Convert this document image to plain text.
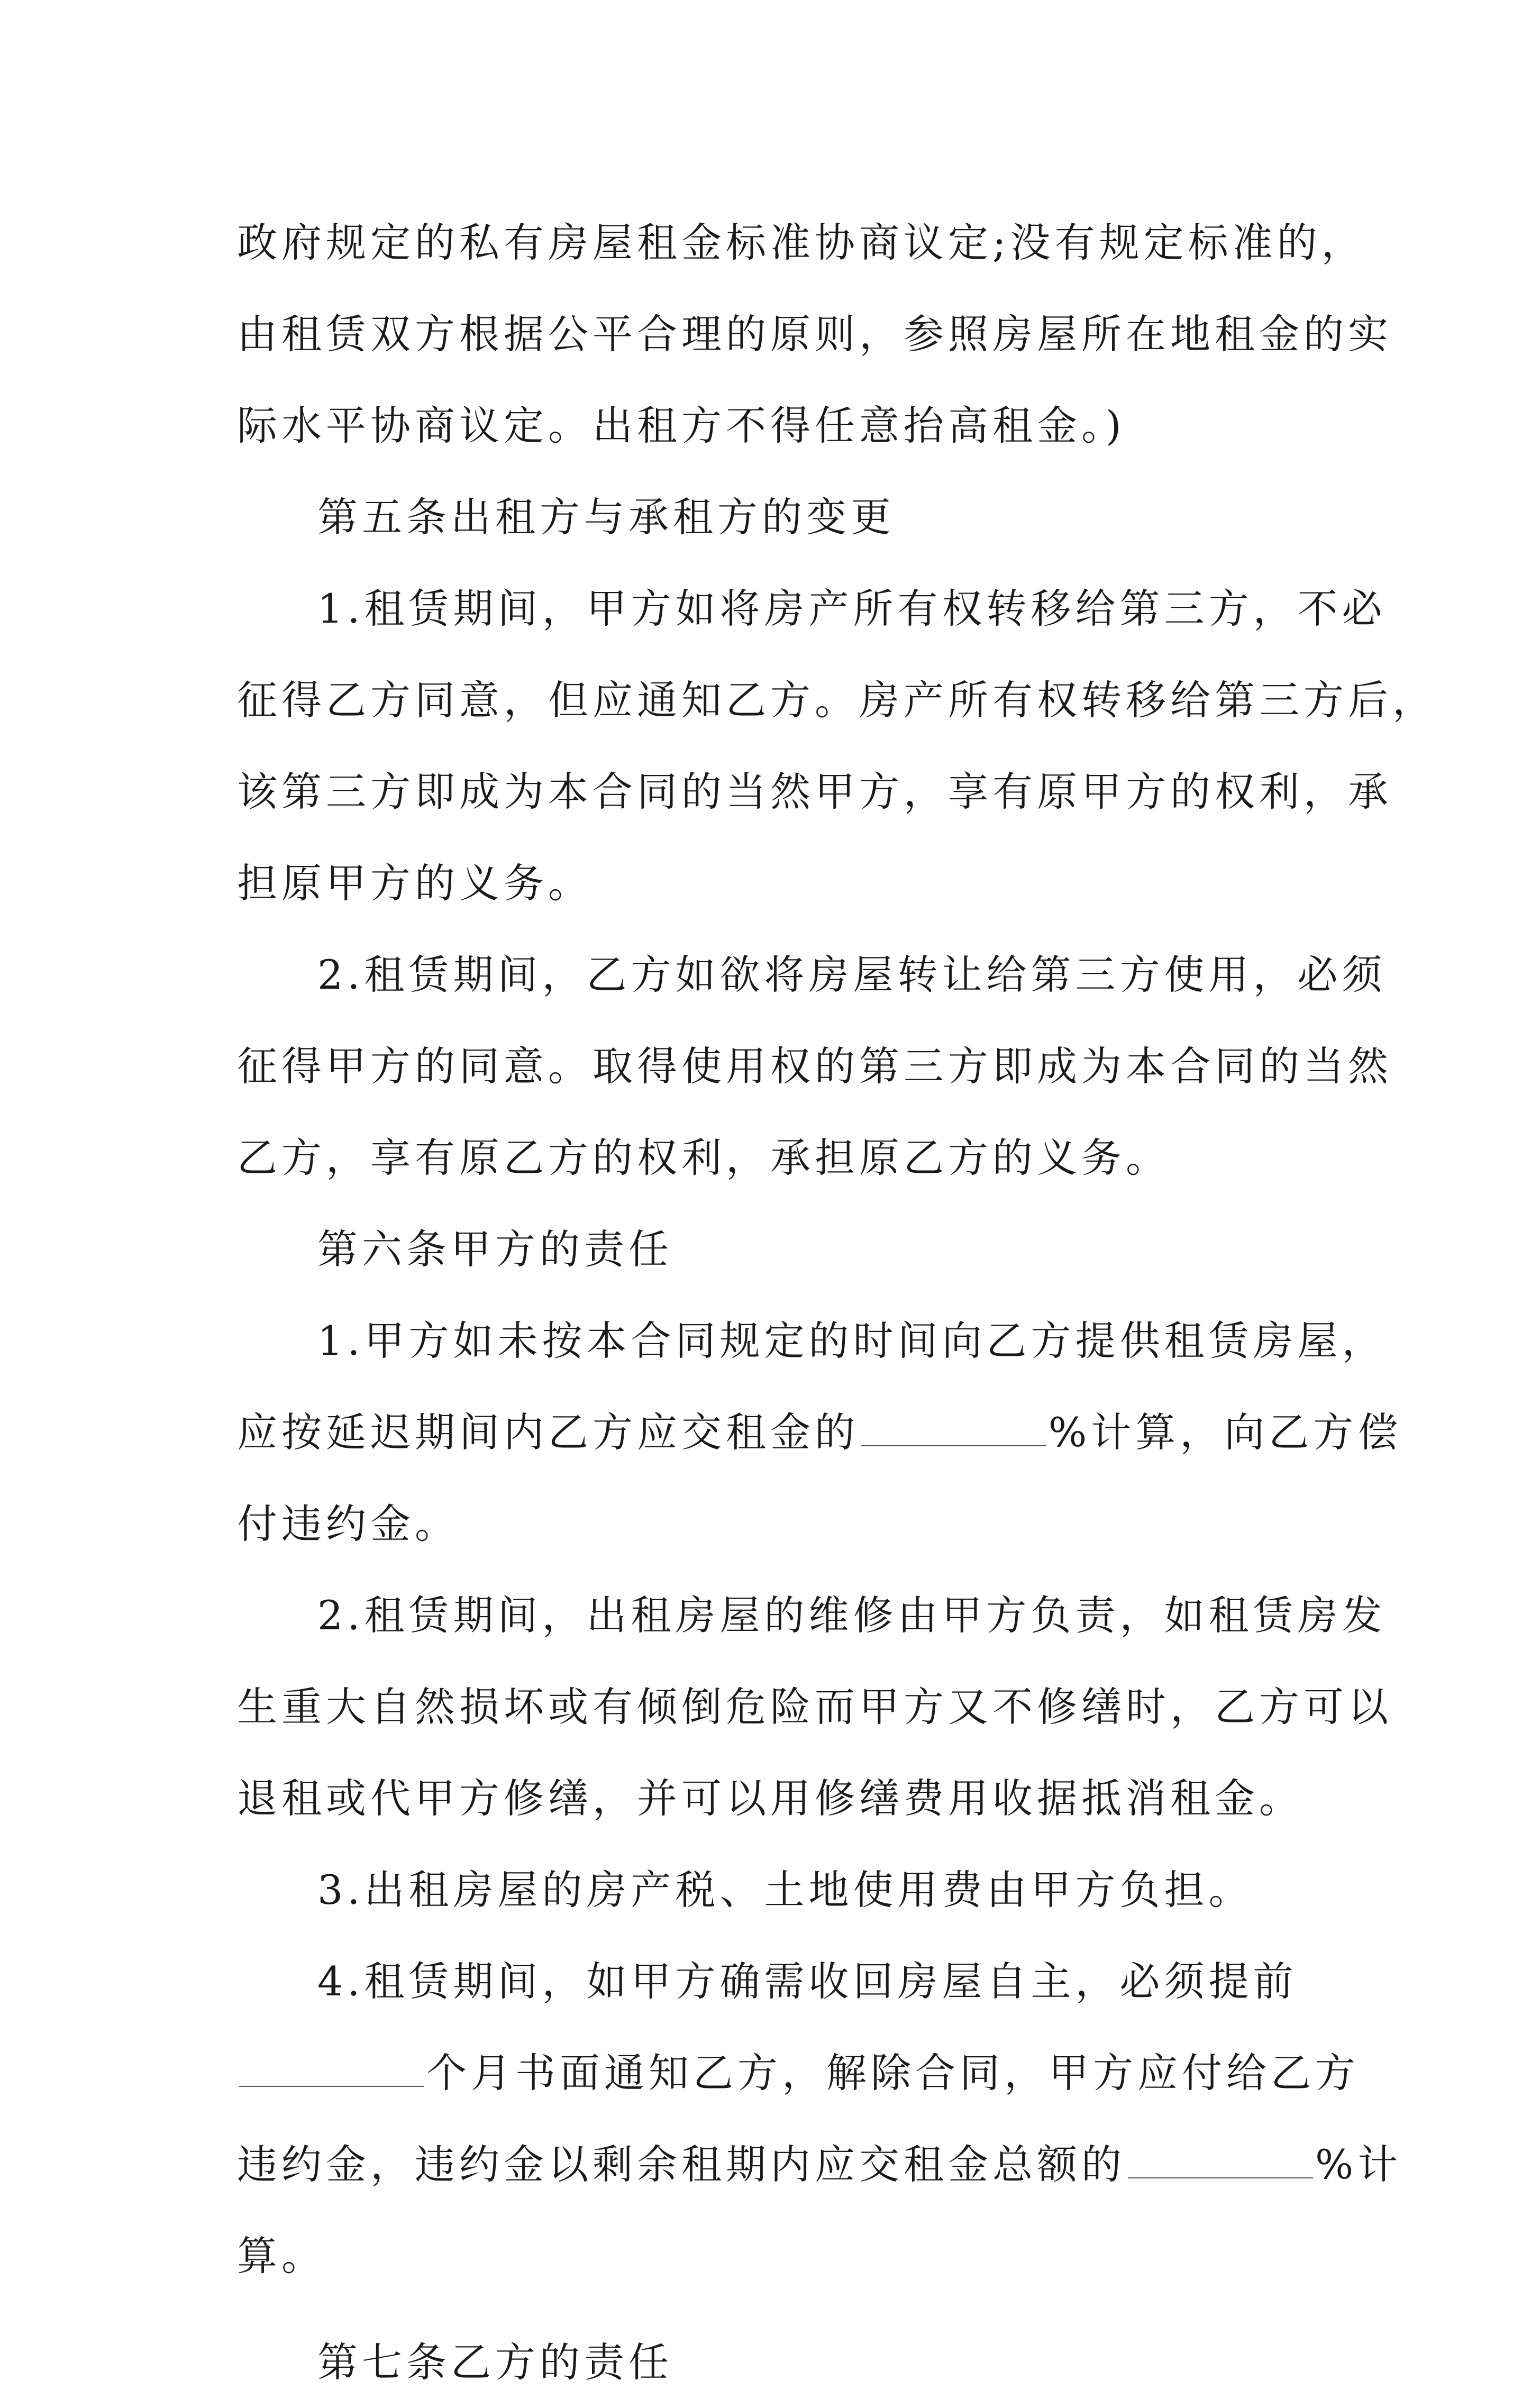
政府规定的私有房屋租金标准协商议定;没有规定标准的，
由租赁双方根据公平合理的原则，参照房屋所在地租金的实
际水平协商议定。出租方不得任意抬高租金。)
第五条出租方与承租方的变更
1.租赁期间，甲方如将房产所有权转移给第三方，不必
征得乙方同意，但应通知乙方。房产所有权转移给第三方后，
该第三方即成为本合同的当然甲方，享有原甲方的权利，承
担原甲方的义务。
2.租赁期间，乙方如欲将房屋转让给第三方使用，必须
征得甲方的同意。取得使用权的第三方即成为本合同的当然
乙方，享有原乙方的权利，承担原乙方的义务。
第六条甲方的责任
1.甲方如未按本合同规定的时间向乙方提供租赁房屋，
应按延迟期间内乙方应交租金的	%计算，向乙方偿
付违约金。
2.租赁期间，出租房屋的维修由甲方负责，如租赁房发
生重大自然损坏或有倾倒危险而甲方又不修缮时，乙方可以
退租或代甲方修缮，并可以用修缮费用收据抵消租金。
3.出租房屋的房产税、土地使用费由甲方负担。
4.租赁期间，如甲方确需收回房屋自主，必须提前
个月书面通知乙方，解除合同，甲方应付给乙方
违约金，违约金以剩余租期内应交租金总额的	%计
算。
第七条乙方的责任
